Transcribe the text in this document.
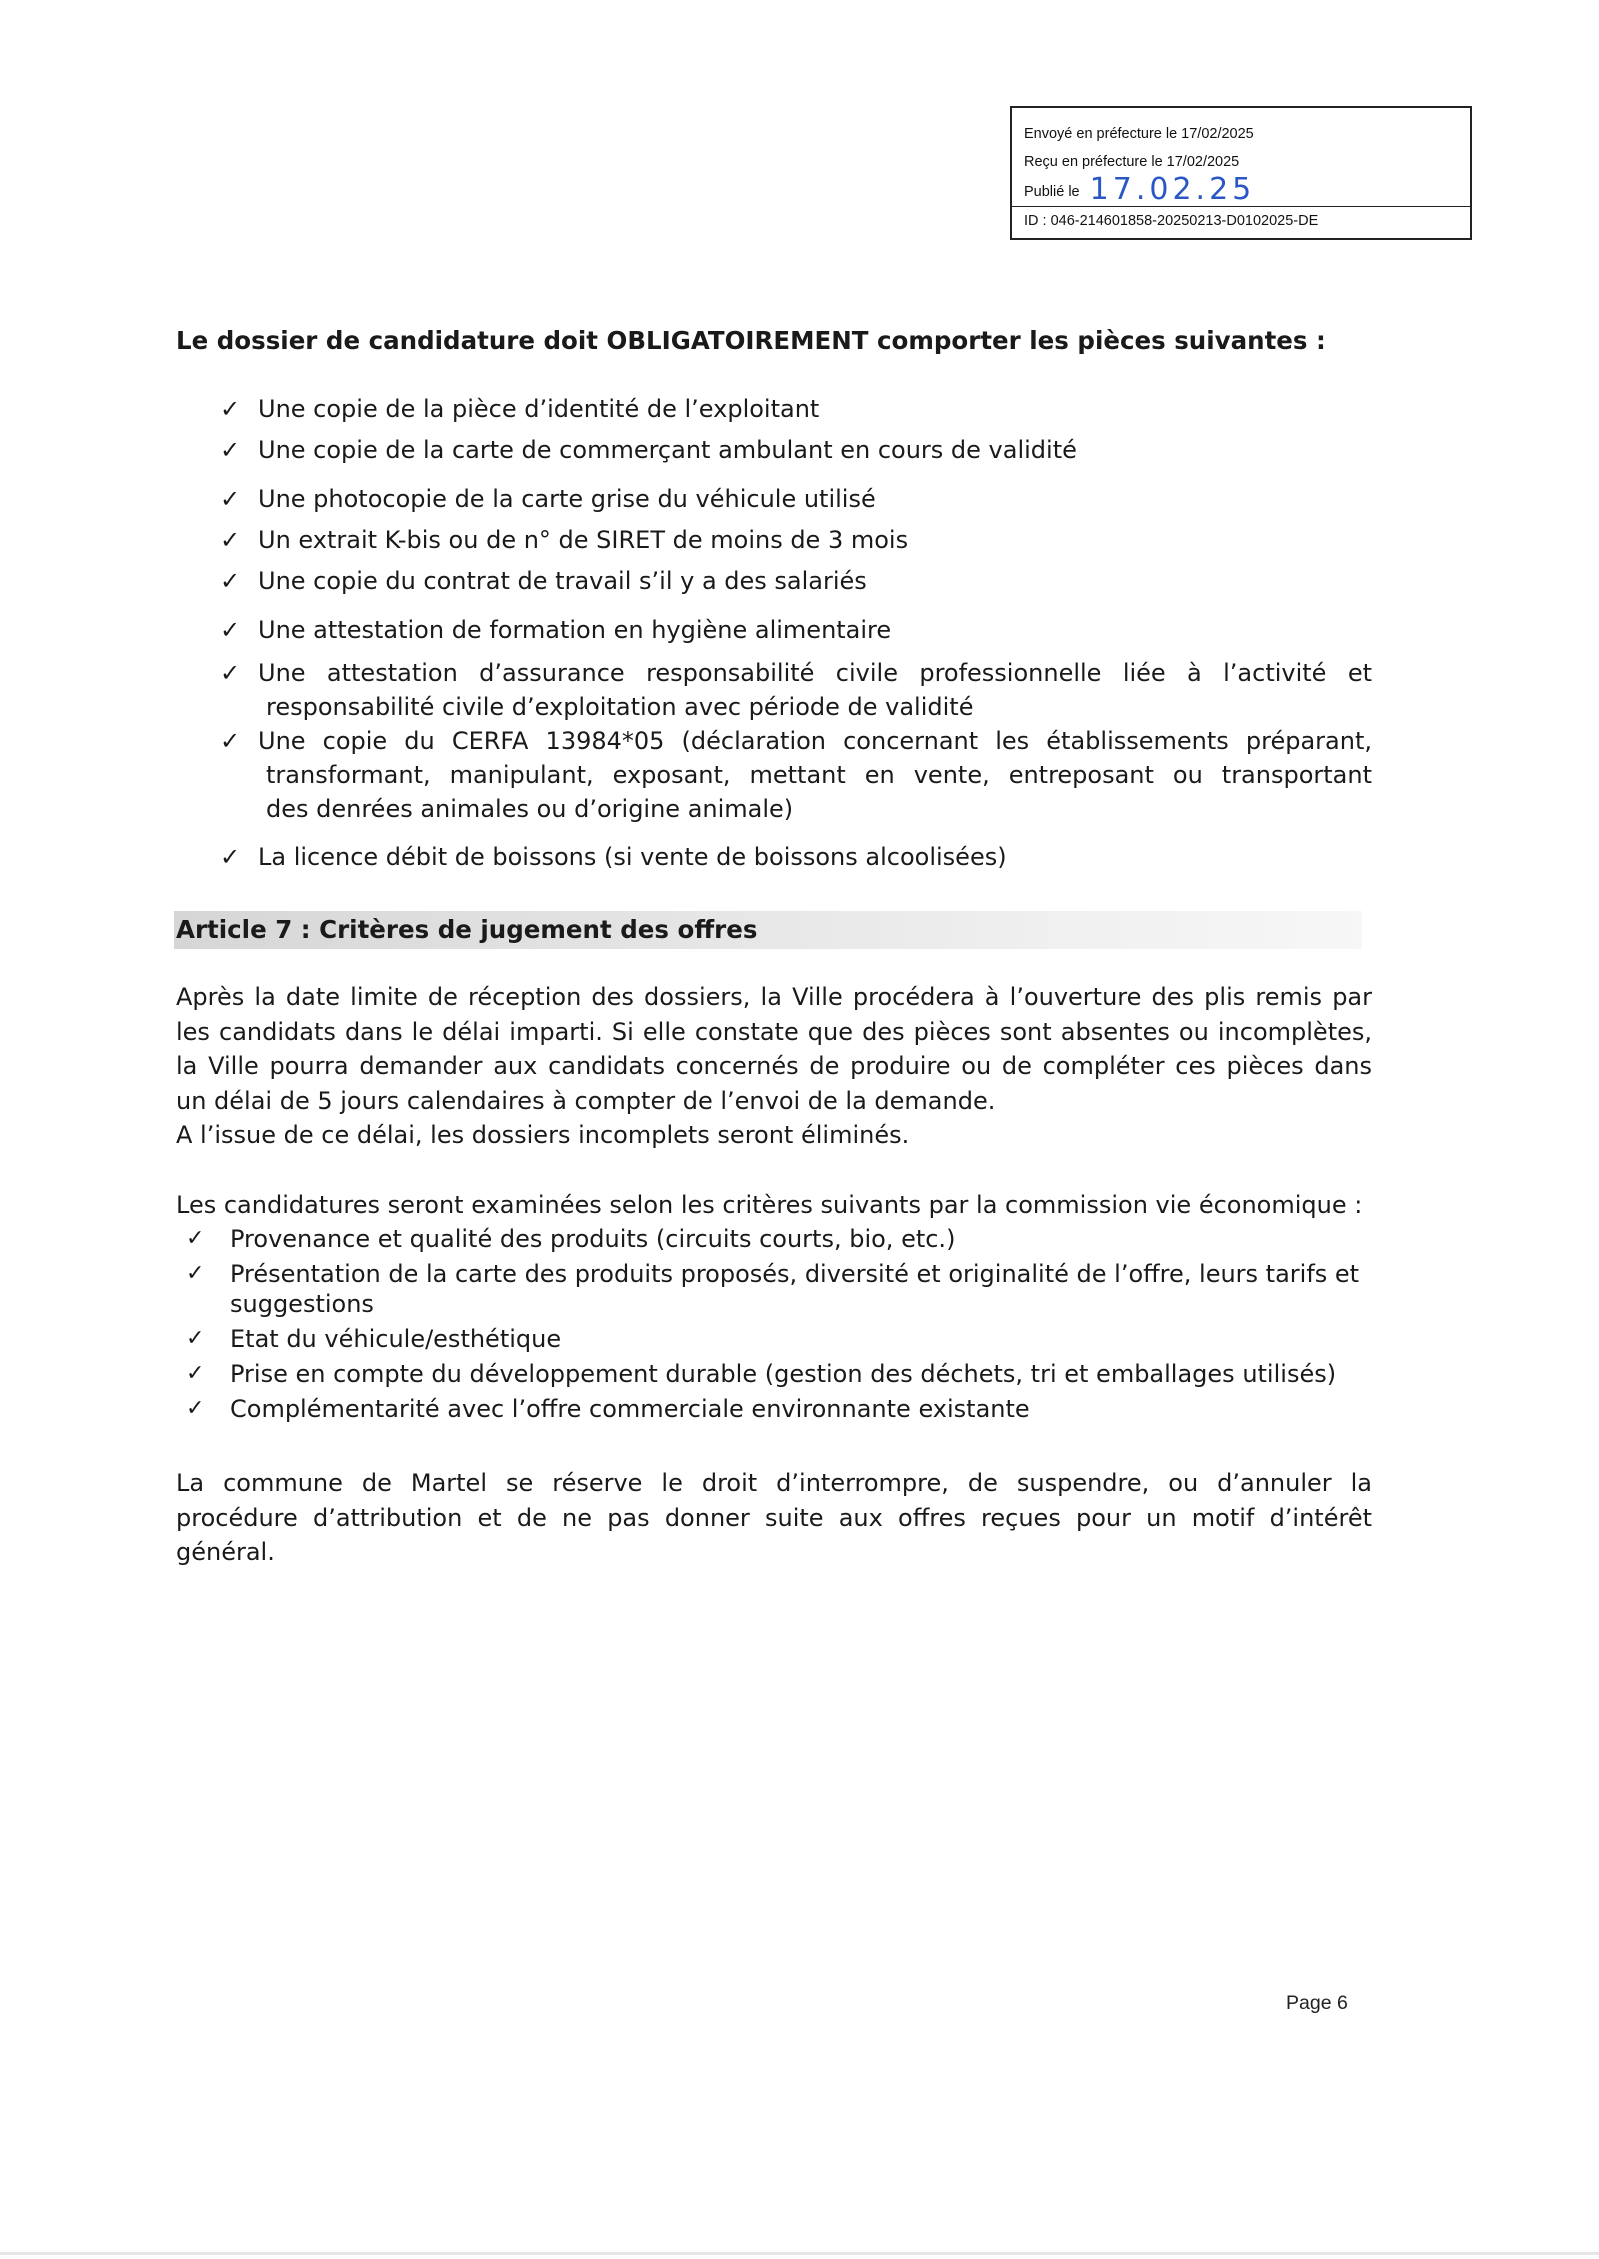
Envoyé en préfecture le 17/02/2025
Reçu en préfecture le 17/02/2025
Publié le 17.02.25
ID : 046-214601858-20250213-D0102025-DE
Le dossier de candidature doit OBLIGATOIREMENT comporter les pièces suivantes :
✓ Une copie de la pièce d’identité de l’exploitant
✓ Une copie de la carte de commerçant ambulant en cours de validité
✓ Une photocopie de la carte grise du véhicule utilisé
✓ Un extrait K-bis ou de n° de SIRET de moins de 3 mois
✓ Une copie du contrat de travail s’il y a des salariés
✓ Une attestation de formation en hygiène alimentaire
✓ Une attestation d’assurance responsabilité civile professionnelle liée à l’activité et
responsabilité civile d’exploitation avec période de validité
✓ Une copie du CERFA 13984*05 (déclaration concernant les établissements préparant,
transformant, manipulant, exposant, mettant en vente, entreposant ou transportant
des denrées animales ou d’origine animale)
✓ La licence débit de boissons (si vente de boissons alcoolisées)
Article 7 : Critères de jugement des offres
Après la date limite de réception des dossiers, la Ville procédera à l’ouverture des plis remis par
les candidats dans le délai imparti. Si elle constate que des pièces sont absentes ou incomplètes,
la Ville pourra demander aux candidats concernés de produire ou de compléter ces pièces dans
un délai de 5 jours calendaires à compter de l’envoi de la demande.
A l’issue de ce délai, les dossiers incomplets seront éliminés.
Les candidatures seront examinées selon les critères suivants par la commission vie économique :
✓ Provenance et qualité des produits (circuits courts, bio, etc.)
✓ Présentation de la carte des produits proposés, diversité et originalité de l’offre, leurs tarifs et
suggestions
✓ Etat du véhicule/esthétique
✓ Prise en compte du développement durable (gestion des déchets, tri et emballages utilisés)
✓ Complémentarité avec l’offre commerciale environnante existante
La commune de Martel se réserve le droit d’interrompre, de suspendre, ou d’annuler la
procédure d’attribution et de ne pas donner suite aux offres reçues pour un motif d’intérêt
général.
Page 6
